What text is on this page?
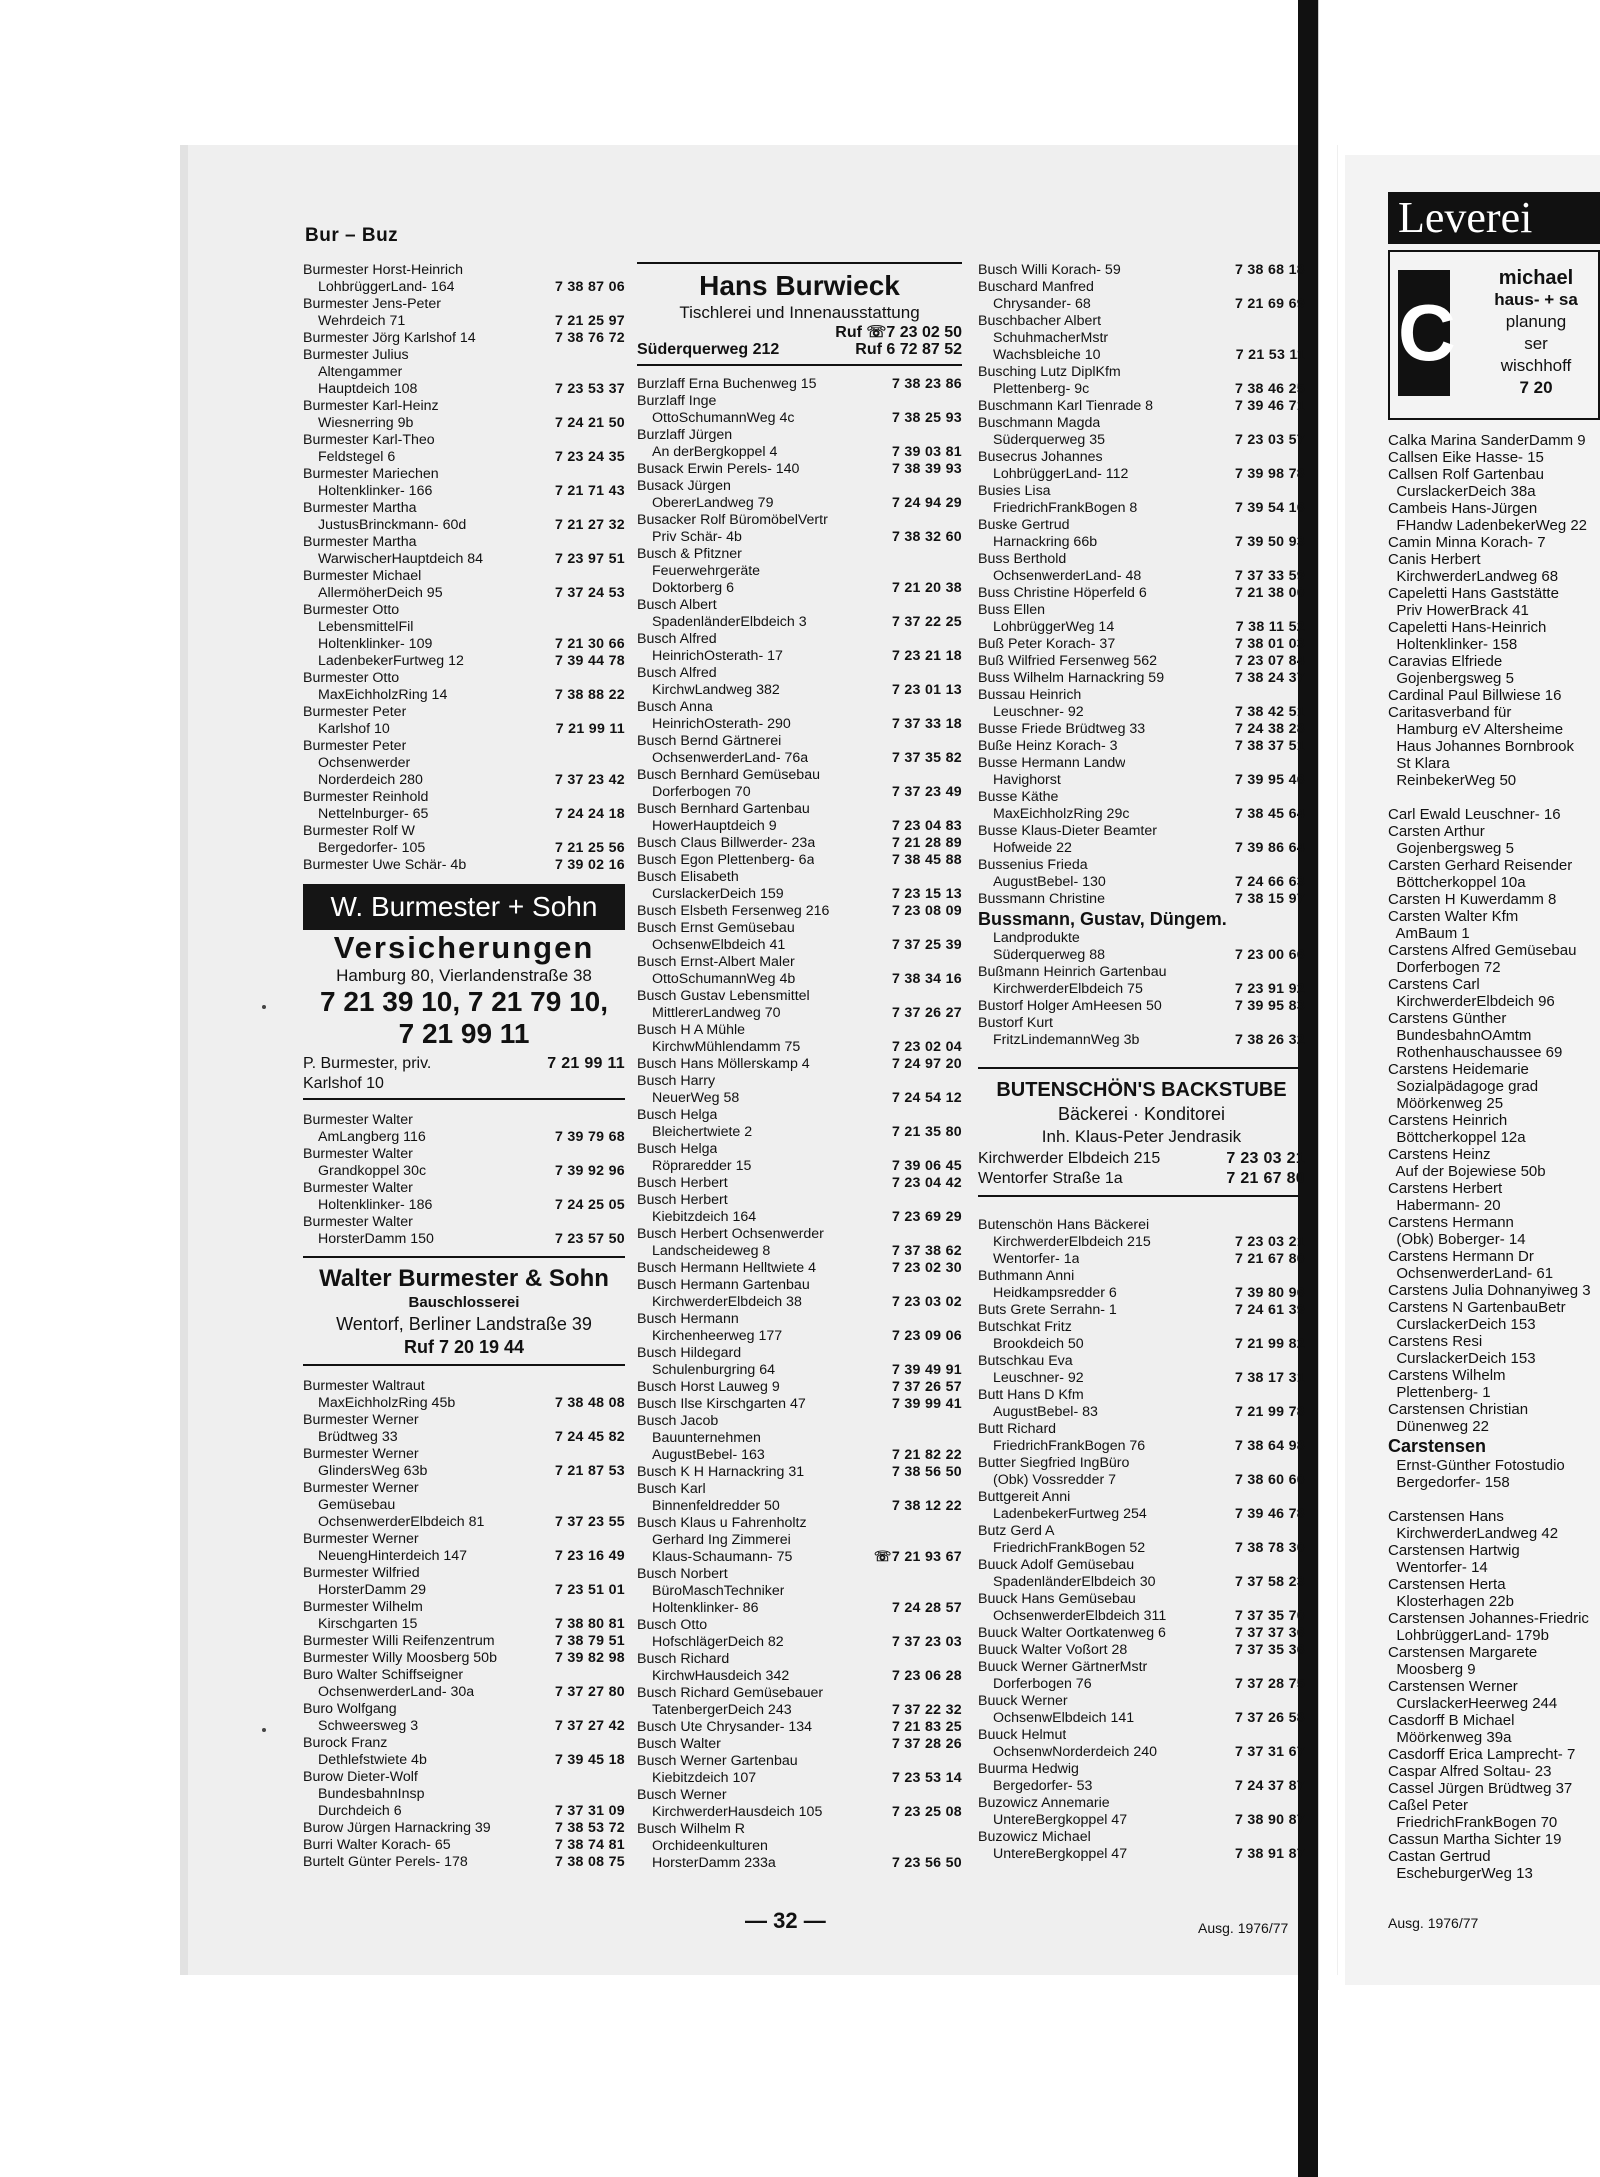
Bur – Buz
Burmester Horst-Heinrich
LohbrüggerLand- 164	7 38 87 06
Burmester Jens-Peter
Wehrdeich 71	7 21 25 97
Burmester Jörg Karlshof 14	7 38 76 72
Burmester Julius
Altengammer
Hauptdeich 108	7 23 53 37
Burmester Karl-Heinz
Wiesnerring 9b	7 24 21 50
Burmester Karl-Theo
Feldstegel 6	7 23 24 35
Burmester Mariechen
Holtenklinker- 166	7 21 71 43
Burmester Martha
JustusBrinckmann- 60d	7 21 27 32
Burmester Martha
WarwischerHauptdeich 84	7 23 97 51
Burmester Michael
AllermöherDeich 95	7 37 24 53
Burmester Otto
LebensmittelFil
Holtenklinker- 109	7 21 30 66
LadenbekerFurtweg 12	7 39 44 78
Burmester Otto
MaxEichholzRing 14	7 38 88 22
Burmester Peter
Karlshof 10	7 21 99 11
Burmester Peter
Ochsenwerder
Norderdeich 280	7 37 23 42
Burmester Reinhold
Nettelnburger- 65	7 24 24 18
Burmester Rolf W
Bergedorfer- 105	7 21 25 56
Burmester Uwe Schär- 4b	7 39 02 16
W. Burmester + Sohn
Versicherungen
Hamburg 80, Vierlandenstraße 38
7 21 39 10, 7 21 79 10,
7 21 99 11
P. Burmester, priv.	7 21 99 11
Karlshof 10
Burmester Walter
AmLangberg 116	7 39 79 68
Burmester Walter
Grandkoppel 30c	7 39 92 96
Burmester Walter
Holtenklinker- 186	7 24 25 05
Burmester Walter
HorsterDamm 150	7 23 57 50
Walter Burmester & Sohn
Bauschlosserei
Wentorf, Berliner Landstraße 39
Ruf 7 20 19 44
Burmester Waltraut
MaxEichholzRing 45b	7 38 48 08
Burmester Werner
Brüdtweg 33	7 24 45 82
Burmester Werner
GlindersWeg 63b	7 21 87 53
Burmester Werner
Gemüsebau
OchsenwerderElbdeich 81	7 37 23 55
Burmester Werner
NeuengHinterdeich 147	7 23 16 49
Burmester Wilfried
HorsterDamm 29	7 23 51 01
Burmester Wilhelm
Kirschgarten 15	7 38 80 81
Burmester Willi Reifenzentrum	7 38 79 51
Burmester Willy Moosberg 50b	7 39 82 98
Buro Walter Schiffseigner
OchsenwerderLand- 30a	7 37 27 80
Buro Wolfgang
Schweersweg 3	7 37 27 42
Burock Franz
Dethlefstwiete 4b	7 39 45 18
Burow Dieter-Wolf
BundesbahnInsp
Durchdeich 6	7 37 31 09
Burow Jürgen Harnackring 39	7 38 53 72
Burri Walter Korach- 65	7 38 74 81
Burtelt Günter Perels- 178	7 38 08 75
Hans Burwieck
Tischlerei und Innenausstattung
Ruf ☏7 23 02 50
Süderquerweg 212	Ruf 6 72 87 52
Burzlaff Erna Buchenweg 15	7 38 23 86
Burzlaff Inge
OttoSchumannWeg 4c	7 38 25 93
Burzlaff Jürgen
An derBergkoppel 4	7 39 03 81
Busack Erwin Perels- 140	7 38 39 93
Busack Jürgen
ObererLandweg 79	7 24 94 29
Busacker Rolf BüromöbelVertr
Priv Schär- 4b	7 38 32 60
Busch & Pfitzner
Feuerwehrgeräte
Doktorberg 6	7 21 20 38
Busch Albert
SpadenländerElbdeich 3	7 37 22 25
Busch Alfred
HeinrichOsterath- 17	7 23 21 18
Busch Alfred
KirchwLandweg 382	7 23 01 13
Busch Anna
HeinrichOsterath- 290	7 37 33 18
Busch Bernd Gärtnerei
OchsenwerderLand- 76a	7 37 35 82
Busch Bernhard Gemüsebau
Dorferbogen 70	7 37 23 49
Busch Bernhard Gartenbau
HowerHauptdeich 9	7 23 04 83
Busch Claus Billwerder- 23a	7 21 28 89
Busch Egon Plettenberg- 6a	7 38 45 88
Busch Elisabeth
CurslackerDeich 159	7 23 15 13
Busch Elsbeth Fersenweg 216	7 23 08 09
Busch Ernst Gemüsebau
OchsenwElbdeich 41	7 37 25 39
Busch Ernst-Albert Maler
OttoSchumannWeg 4b	7 38 34 16
Busch Gustav Lebensmittel
MittlererLandweg 70	7 37 26 27
Busch H A Mühle
KirchwMühlendamm 75	7 23 02 04
Busch Hans Möllerskamp 4	7 24 97 20
Busch Harry
NeuerWeg 58	7 24 54 12
Busch Helga
Bleichertwiete 2	7 21 35 80
Busch Helga
Röpraredder 15	7 39 06 45
Busch Herbert	7 23 04 42
Busch Herbert
Kiebitzdeich 164	7 23 69 29
Busch Herbert Ochsenwerder
Landscheideweg 8	7 37 38 62
Busch Hermann Helltwiete 4	7 23 02 30
Busch Hermann Gartenbau
KirchwerderElbdeich 38	7 23 03 02
Busch Hermann
Kirchenheerweg 177	7 23 09 06
Busch Hildegard
Schulenburgring 64	7 39 49 91
Busch Horst Lauweg 9	7 37 26 57
Busch Ilse Kirschgarten 47	7 39 99 41
Busch Jacob
Bauunternehmen
AugustBebel- 163	7 21 82 22
Busch K H Harnackring 31	7 38 56 50
Busch Karl
Binnenfeldredder 50	7 38 12 22
Busch Klaus u Fahrenholtz
Gerhard Ing Zimmerei
Klaus-Schaumann- 75	☏7 21 93 67
Busch Norbert
BüroMaschTechniker
Holtenklinker- 86	7 24 28 57
Busch Otto
HofschlägerDeich 82	7 37 23 03
Busch Richard
KirchwHausdeich 342	7 23 06 28
Busch Richard Gemüsebauer
TatenbergerDeich 243	7 37 22 32
Busch Ute Chrysander- 134	7 21 83 25
Busch Walter	7 37 28 26
Busch Werner Gartenbau
Kiebitzdeich 107	7 23 53 14
Busch Werner
KirchwerderHausdeich 105	7 23 25 08
Busch Wilhelm R
Orchideenkulturen
HorsterDamm 233a	7 23 56 50
Busch Willi Korach- 59	7 38 68 18
Buschard Manfred
Chrysander- 68	7 21 69 69
Buschbacher Albert
SchuhmacherMstr
Wachsbleiche 10	7 21 53 11
Busching Lutz DiplKfm
Plettenberg- 9c	7 38 46 25
Buschmann Karl Tienrade 8	7 39 46 71
Buschmann Magda
Süderquerweg 35	7 23 03 57
Busecrus Johannes
LohbrüggerLand- 112	7 39 98 78
Busies Lisa
FriedrichFrankBogen 8	7 39 54 16
Buske Gertrud
Harnackring 66b	7 39 50 93
Buss Berthold
OchsenwerderLand- 48	7 37 33 59
Buss Christine Höperfeld 6	7 21 38 00
Buss Ellen
LohbrüggerWeg 14	7 38 11 52
Buß Peter Korach- 37	7 38 01 03
Buß Wilfried Fersenweg 562	7 23 07 84
Buss Wilhelm Harnackring 59	7 38 24 37
Bussau Heinrich
Leuschner- 92	7 38 42 51
Busse Friede Brüdtweg 33	7 24 38 28
Buße Heinz Korach- 3	7 38 37 51
Busse Hermann Landw
Havighorst	7 39 95 46
Busse Käthe
MaxEichholzRing 29c	7 38 45 64
Busse Klaus-Dieter Beamter
Hofweide 22	7 39 86 64
Bussenius Frieda
AugustBebel- 130	7 24 66 63
Bussmann Christine	7 38 15 97
Bussmann, Gustav, Düngem.
Landprodukte
Süderquerweg 88	7 23 00 66
Bußmann Heinrich Gartenbau
KirchwerderElbdeich 75	7 23 91 92
Bustorf Holger AmHeesen 50	7 39 95 83
Bustorf Kurt
FritzLindemannWeg 3b	7 38 26 32
BUTENSCHÖN'S BACKSTUBE
Bäckerei · Konditorei
Inh. Klaus-Peter Jendrasik
Kirchwerder Elbdeich 215	7 23 03 21
Wentorfer Straße 1a	7 21 67 80
Butenschön Hans Bäckerei
KirchwerderElbdeich 215	7 23 03 21
Wentorfer- 1a	7 21 67 80
Buthmann Anni
Heidkampsredder 6	7 39 80 96
Buts Grete Serrahn- 1	7 24 61 39
Butschkat Fritz
Brookdeich 50	7 21 99 82
Butschkau Eva
Leuschner- 92	7 38 17 31
Butt Hans D Kfm
AugustBebel- 83	7 21 99 78
Butt Richard
FriedrichFrankBogen 76	7 38 64 98
Butter Siegfried IngBüro
(Obk) Vossredder 7	7 38 60 60
Buttgereit Anni
LadenbekerFurtweg 254	7 39 46 78
Butz Gerd A
FriedrichFrankBogen 52	7 38 78 30
Buuck Adolf Gemüsebau
SpadenländerElbdeich 30	7 37 58 23
Buuck Hans Gemüsebau
OchsenwerderElbdeich 311	7 37 35 70
Buuck Walter Oortkatenweg 6	7 37 37 36
Buuck Walter Voßort 28	7 37 35 36
Buuck Werner GärtnerMstr
Dorferbogen 76	7 37 28 75
Buuck Werner
OchsenwElbdeich 141	7 37 26 58
Buuck Helmut
OchsenwNorderdeich 240	7 37 31 67
Buurma Hedwig
Bergedorfer- 53	7 24 37 87
Buzowicz Annemarie
UntereBergkoppel 47	7 38 90 87
Buzowicz Michael
UntereBergkoppel 47	7 38 91 87
— 32 —	Ausg. 1976/77
Leverei
C
michael
haus- + sa
planung
ser
wischhoff
7 20
Calka Marina SanderDamm 9
Callsen Eike Hasse- 15
Callsen Rolf Gartenbau
CurslackerDeich 38a
Cambeis Hans-Jürgen
FHandw LadenbekerWeg 22
Camin Minna Korach- 7
Canis Herbert
KirchwerderLandweg 68
Capeletti Hans Gaststätte
Priv HowerBrack 41
Capeletti Hans-Heinrich
Holtenklinker- 158
Caravias Elfriede
Gojenbergsweg 5
Cardinal Paul Billwiese 16
Caritasverband für
Hamburg eV Altersheime
Haus Johannes Bornbrook
St Klara
ReinbekerWeg 50
Carl Ewald Leuschner- 16
Carsten Arthur
Gojenbergsweg 5
Carsten Gerhard Reisender
Böttcherkoppel 10a
Carsten H Kuwerdamm 8
Carsten Walter Kfm
AmBaum 1
Carstens Alfred Gemüsebau
Dorferbogen 72
Carstens Carl
KirchwerderElbdeich 96
Carstens Günther
BundesbahnOAmtm
Rothenhauschaussee 69
Carstens Heidemarie
Sozialpädagoge grad
Möörkenweg 25
Carstens Heinrich
Böttcherkoppel 12a
Carstens Heinz
Auf der Bojewiese 50b
Carstens Herbert
Habermann- 20
Carstens Hermann
(Obk) Boberger- 14
Carstens Hermann Dr
OchsenwerderLand- 61
Carstens Julia Dohnanyiweg 3
Carstens N GartenbauBetr
CurslackerDeich 153
Carstens Resi
CurslackerDeich 153
Carstens Wilhelm
Plettenberg- 1
Carstensen Christian
Dünenweg 22
Carstensen
Ernst-Günther Fotostudio
Bergedorfer- 158
Carstensen Hans
KirchwerderLandweg 42
Carstensen Hartwig
Wentorfer- 14
Carstensen Herta
Klosterhagen 22b
Carstensen Johannes-Friedric
LohbrüggerLand- 179b
Carstensen Margarete
Moosberg 9
Carstensen Werner
CurslackerHeerweg 244
Casdorff B Michael
Möörkenweg 39a
Casdorff Erica Lamprecht- 7
Caspar Alfred Soltau- 23
Cassel Jürgen Brüdtweg 37
Caßel Peter
FriedrichFrankBogen 70
Cassun Martha Sichter 19
Castan Gertrud
EscheburgerWeg 13
Ausg. 1976/77
